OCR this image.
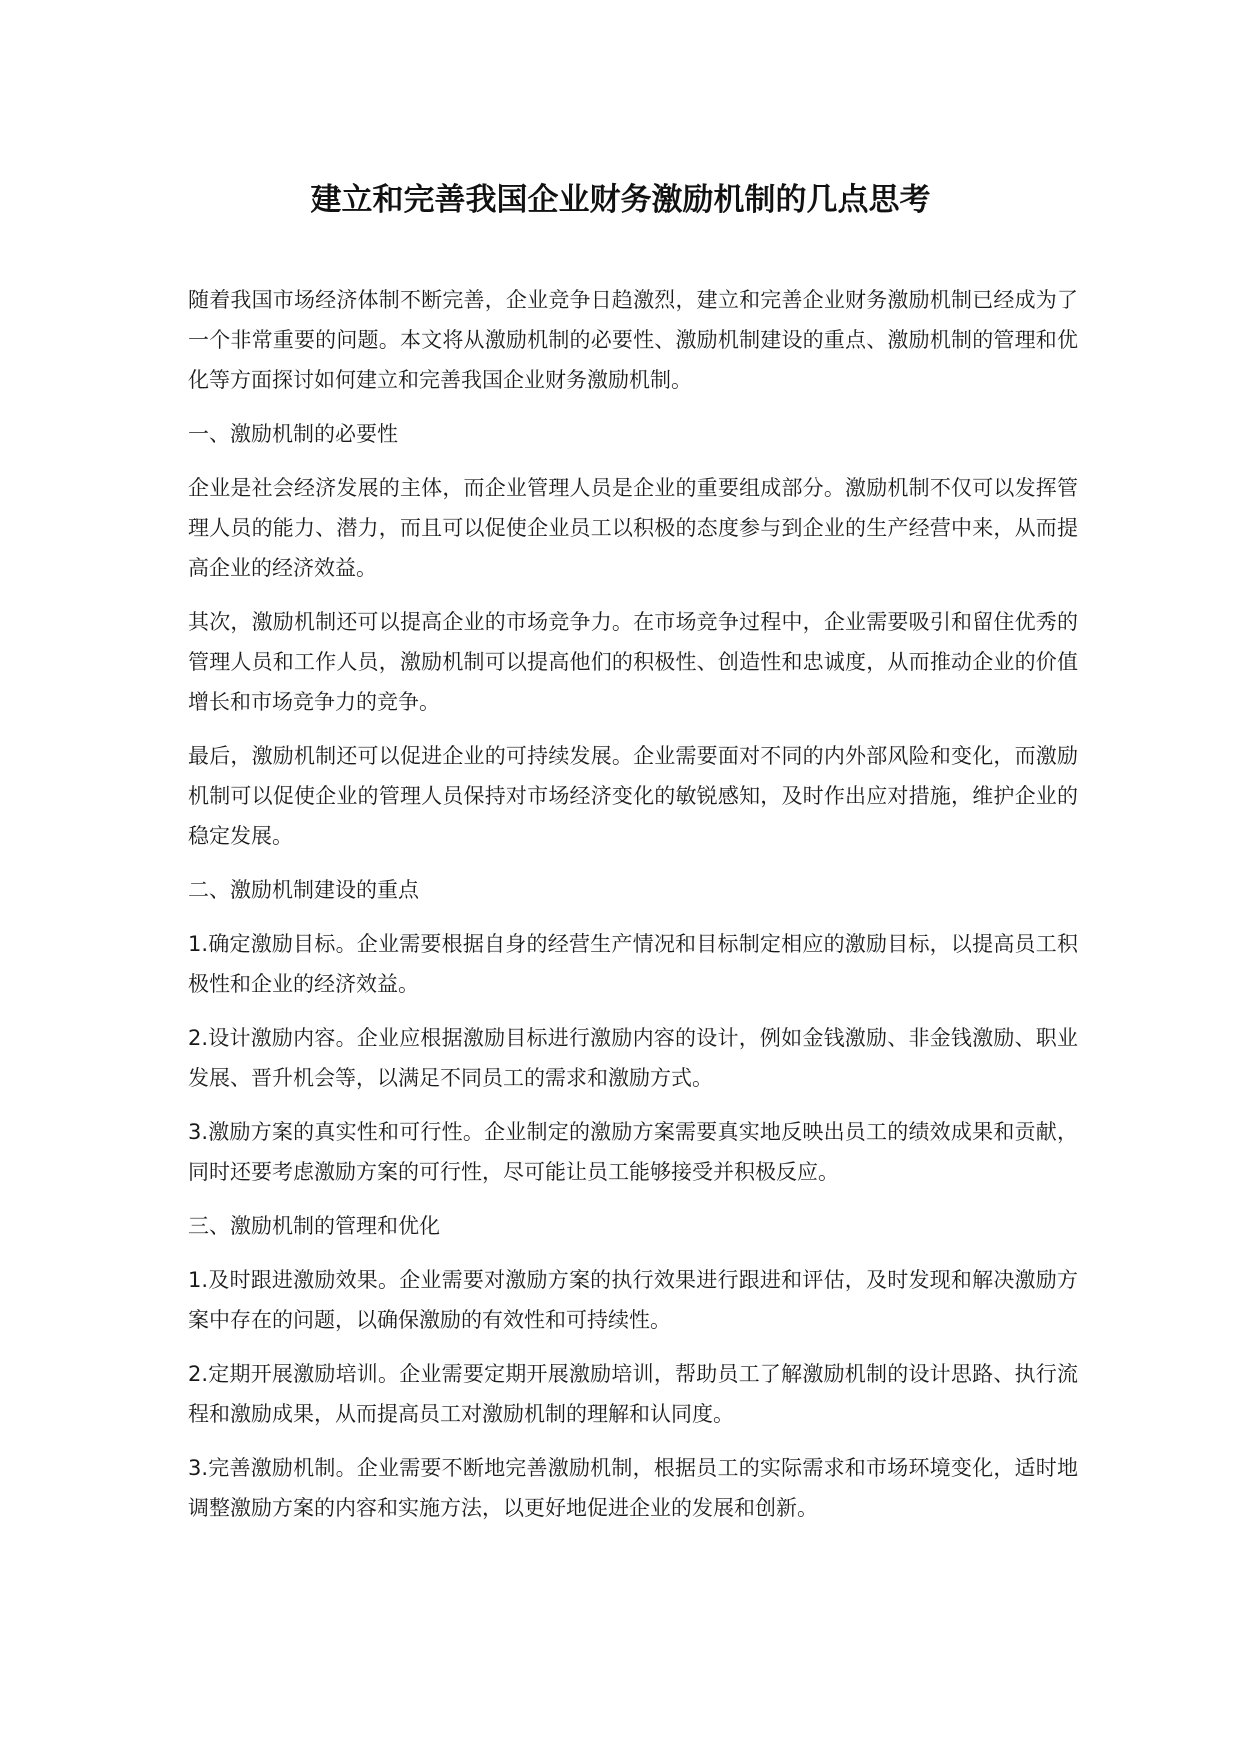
建立和完善我国企业财务激励机制的几点思考

随着我国市场经济体制不断完善，企业竞争日趋激烈，建立和完善企业财务激励机制已经成为了一个非常重要的问题。本文将从激励机制的必要性、激励机制建设的重点、激励机制的管理和优化等方面探讨如何建立和完善我国企业财务激励机制。

一、激励机制的必要性

企业是社会经济发展的主体，而企业管理人员是企业的重要组成部分。激励机制不仅可以发挥管理人员的能力、潜力，而且可以促使企业员工以积极的态度参与到企业的生产经营中来，从而提高企业的经济效益。

其次，激励机制还可以提高企业的市场竞争力。在市场竞争过程中，企业需要吸引和留住优秀的管理人员和工作人员，激励机制可以提高他们的积极性、创造性和忠诚度，从而推动企业的价值增长和市场竞争力的竞争。

最后，激励机制还可以促进企业的可持续发展。企业需要面对不同的内外部风险和变化，而激励机制可以促使企业的管理人员保持对市场经济变化的敏锐感知，及时作出应对措施，维护企业的稳定发展。

二、激励机制建设的重点

1.确定激励目标。企业需要根据自身的经营生产情况和目标制定相应的激励目标，以提高员工积极性和企业的经济效益。

2.设计激励内容。企业应根据激励目标进行激励内容的设计，例如金钱激励、非金钱激励、职业发展、晋升机会等，以满足不同员工的需求和激励方式。

3.激励方案的真实性和可行性。企业制定的激励方案需要真实地反映出员工的绩效成果和贡献，同时还要考虑激励方案的可行性，尽可能让员工能够接受并积极反应。

三、激励机制的管理和优化

1.及时跟进激励效果。企业需要对激励方案的执行效果进行跟进和评估，及时发现和解决激励方案中存在的问题，以确保激励的有效性和可持续性。

2.定期开展激励培训。企业需要定期开展激励培训，帮助员工了解激励机制的设计思路、执行流程和激励成果，从而提高员工对激励机制的理解和认同度。

3.完善激励机制。企业需要不断地完善激励机制，根据员工的实际需求和市场环境变化，适时地调整激励方案的内容和实施方法，以更好地促进企业的发展和创新。
